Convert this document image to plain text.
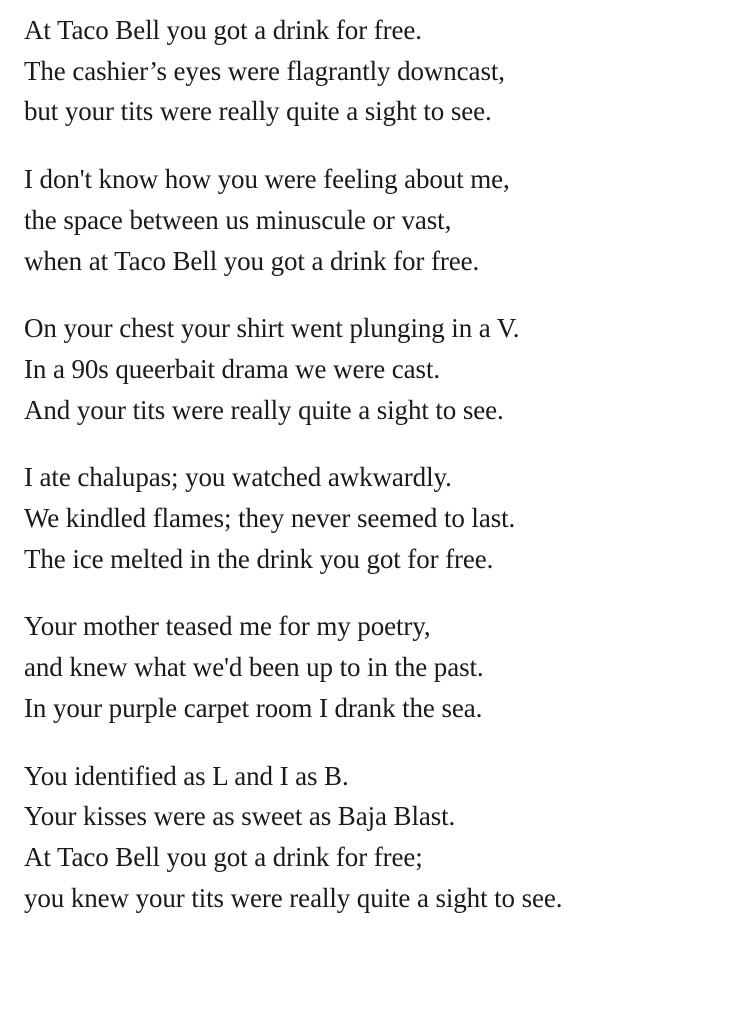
At Taco Bell you got a drink for free.
The cashier’s eyes were flagrantly downcast,
but your tits were really quite a sight to see.
I don't know how you were feeling about me,
the space between us minuscule or vast,
when at Taco Bell you got a drink for free.
On your chest your shirt went plunging in a V.
In a 90s queerbait drama we were cast.
And your tits were really quite a sight to see.
I ate chalupas; you watched awkwardly.
We kindled flames; they never seemed to last.
The ice melted in the drink you got for free.
Your mother teased me for my poetry,
and knew what we'd been up to in the past.
In your purple carpet room I drank the sea.
You identified as L and I as B.
Your kisses were as sweet as Baja Blast.
At Taco Bell you got a drink for free;
you knew your tits were really quite a sight to see.
